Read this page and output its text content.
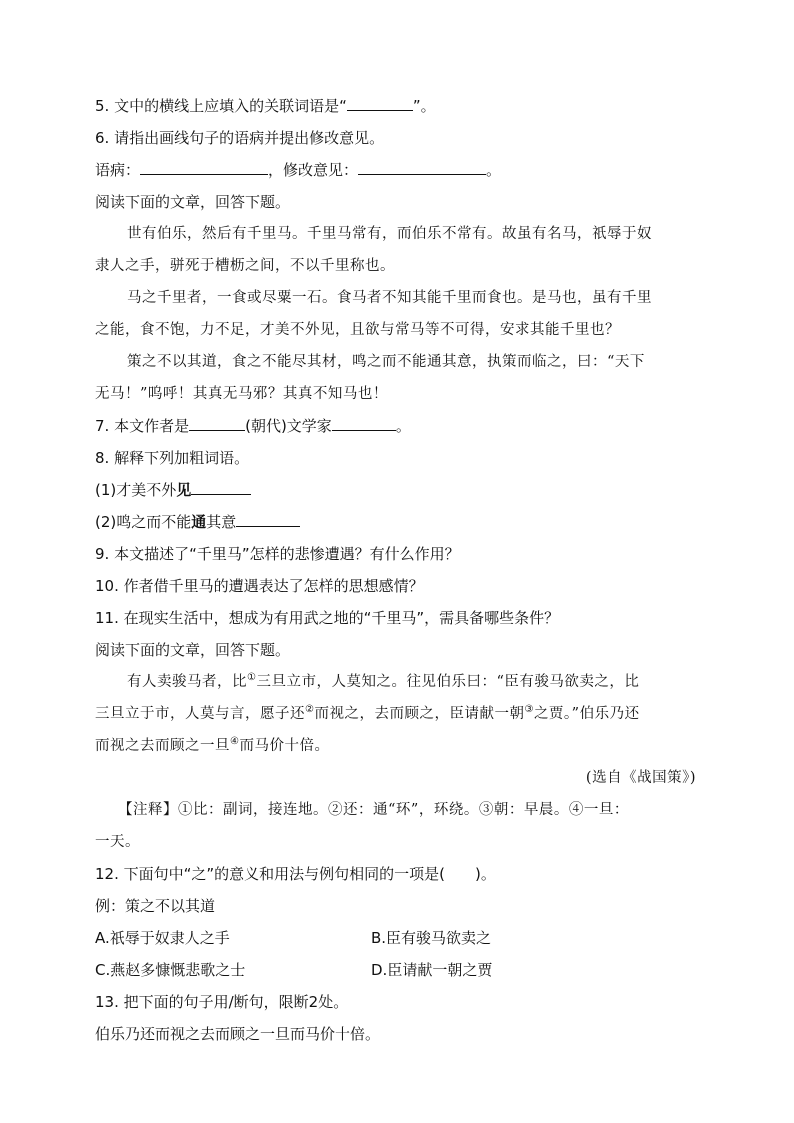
5. 文中的横线上应填入的关联词语是“	”。
6. 请指出画线句子的语病并提出修改意见。
语病：	，修改意见：	。
阅读下面的文章，回答下题。
世有伯乐，然后有千里马。千里马常有，而伯乐不常有。故虽有名马，祇辱于奴
隶人之手，骈死于槽枥之间，不以千里称也。
马之千里者，一食或尽粟一石。食马者不知其能千里而食也。是马也，虽有千里
之能，食不饱，力不足，才美不外见，且欲与常马等不可得，安求其能千里也？
策之不以其道，食之不能尽其材，鸣之而不能通其意，执策而临之，曰：“天下
无马！”呜呼！其真无马邪？其真不知马也！
7. 本文作者是	(朝代)文学家	。
8. 解释下列加粗词语。
(1)才美不外见
(2)鸣之而不能通其意
9. 本文描述了“千里马”怎样的悲惨遭遇？有什么作用？
10. 作者借千里马的遭遇表达了怎样的思想感情？
11. 在现实生活中，想成为有用武之地的“千里马”，需具备哪些条件？
阅读下面的文章，回答下题。
有人卖骏马者，比①三旦立市，人莫知之。往见伯乐曰：“臣有骏马欲卖之，比
三旦立于市，人莫与言，愿子还②而视之，去而顾之，臣请献一朝③之贾。”伯乐乃还
而视之去而顾之一旦④而马价十倍。
(选自《战国策》)
【注释】①比：副词，接连地。②还：通“环”，环绕。③朝：早晨。④一旦：
一天。
12. 下面句中“之”的意义和用法与例句相同的一项是(　　)。
例：策之不以其道
A.祇辱于奴隶人之手	B.臣有骏马欲卖之
C.燕赵多慷慨悲歌之士	D.臣请献一朝之贾
13. 把下面的句子用/断句，限断2处。
伯乐乃还而视之去而顾之一旦而马价十倍。
